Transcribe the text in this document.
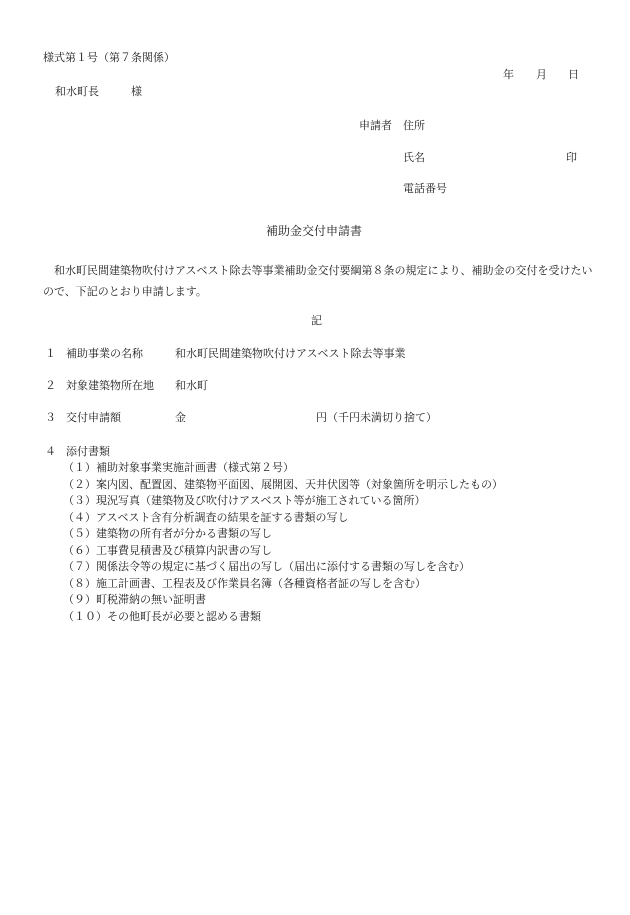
様式第１号（第７条関係）
年 月 日
和水町長	様
申請者 住所
氏名	印
電話番号
補助金交付申請書
和水町民間建築物吹付けアスベスト除去等事業補助金交付要綱第８条の規定により、補助金の交付を受けたいので、下記のとおり申請します。
記
１ 補助事業の名称	和水町民間建築物吹付けアスベスト除去等事業
２ 対象建築物所在地 和水町
３ 交付申請額	金	円（千円未満切り捨て）
４ 添付書類
（１）補助対象事業実施計画書（様式第２号）
（２）案内図、配置図、建築物平面図、展開図、天井伏図等（対象箇所を明示したもの）
（３）現況写真（建築物及び吹付けアスベスト等が施工されている箇所）
（４）アスベスト含有分析調査の結果を証する書類の写し
（５）建築物の所有者が分かる書類の写し
（６）工事費見積書及び積算内訳書の写し
（７）関係法令等の規定に基づく届出の写し（届出に添付する書類の写しを含む）
（８）施工計画書、工程表及び作業員名簿（各種資格者証の写しを含む）
（９）町税滞納の無い証明書
（１０）その他町長が必要と認める書類
